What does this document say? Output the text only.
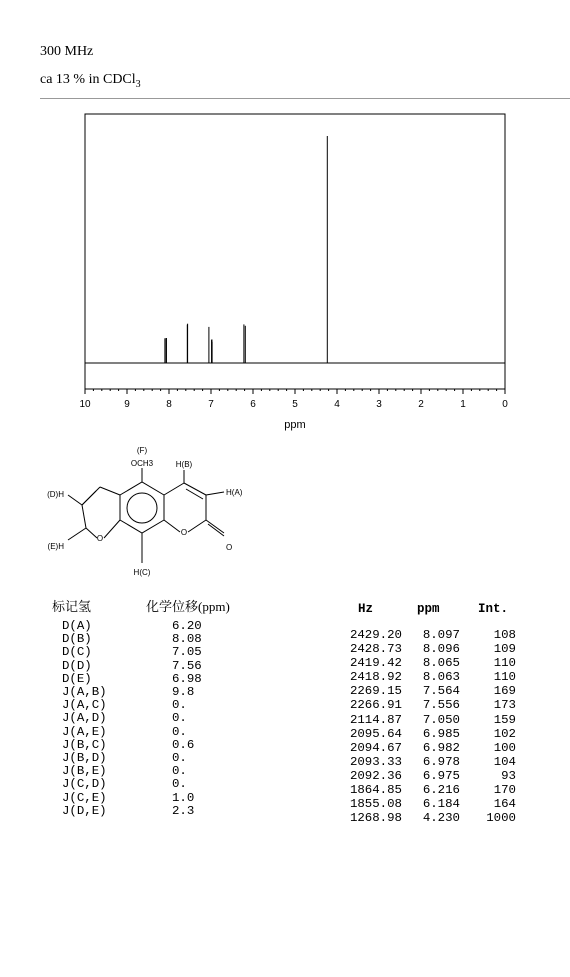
300 MHz
ca 13 % in CDCl$_3$
10	9	8	7	6	5	4	3	2	1	0
ppm
(F)
OCH3	H(B)
H(A)
(D)H
(E)H
O
O
O
H(C)
标记氢	化学位移(ppm)
D(A)	6.20
D(B)	8.08
D(C)	7.05
D(D)	7.56
D(E)	6.98
J(A,B)	9.8
J(A,C)	0.
J(A,D)	0.
J(A,E)	0.
J(B,C)	0.6
J(B,D)	0.
J(B,E)	0.
J(C,D)	0.
J(C,E)	1.0
J(D,E)	2.3
Hz	ppm	Int.
2429.20	8.097	108
2428.73	8.096	109
2419.42	8.065	110
2418.92	8.063	110
2269.15	7.564	169
2266.91	7.556	173
2114.87	7.050	159
2095.64	6.985	102
2094.67	6.982	100
2093.33	6.978	104
2092.36	6.975	93
1864.85	6.216	170
1855.08	6.184	164
1268.98	4.230	1000
